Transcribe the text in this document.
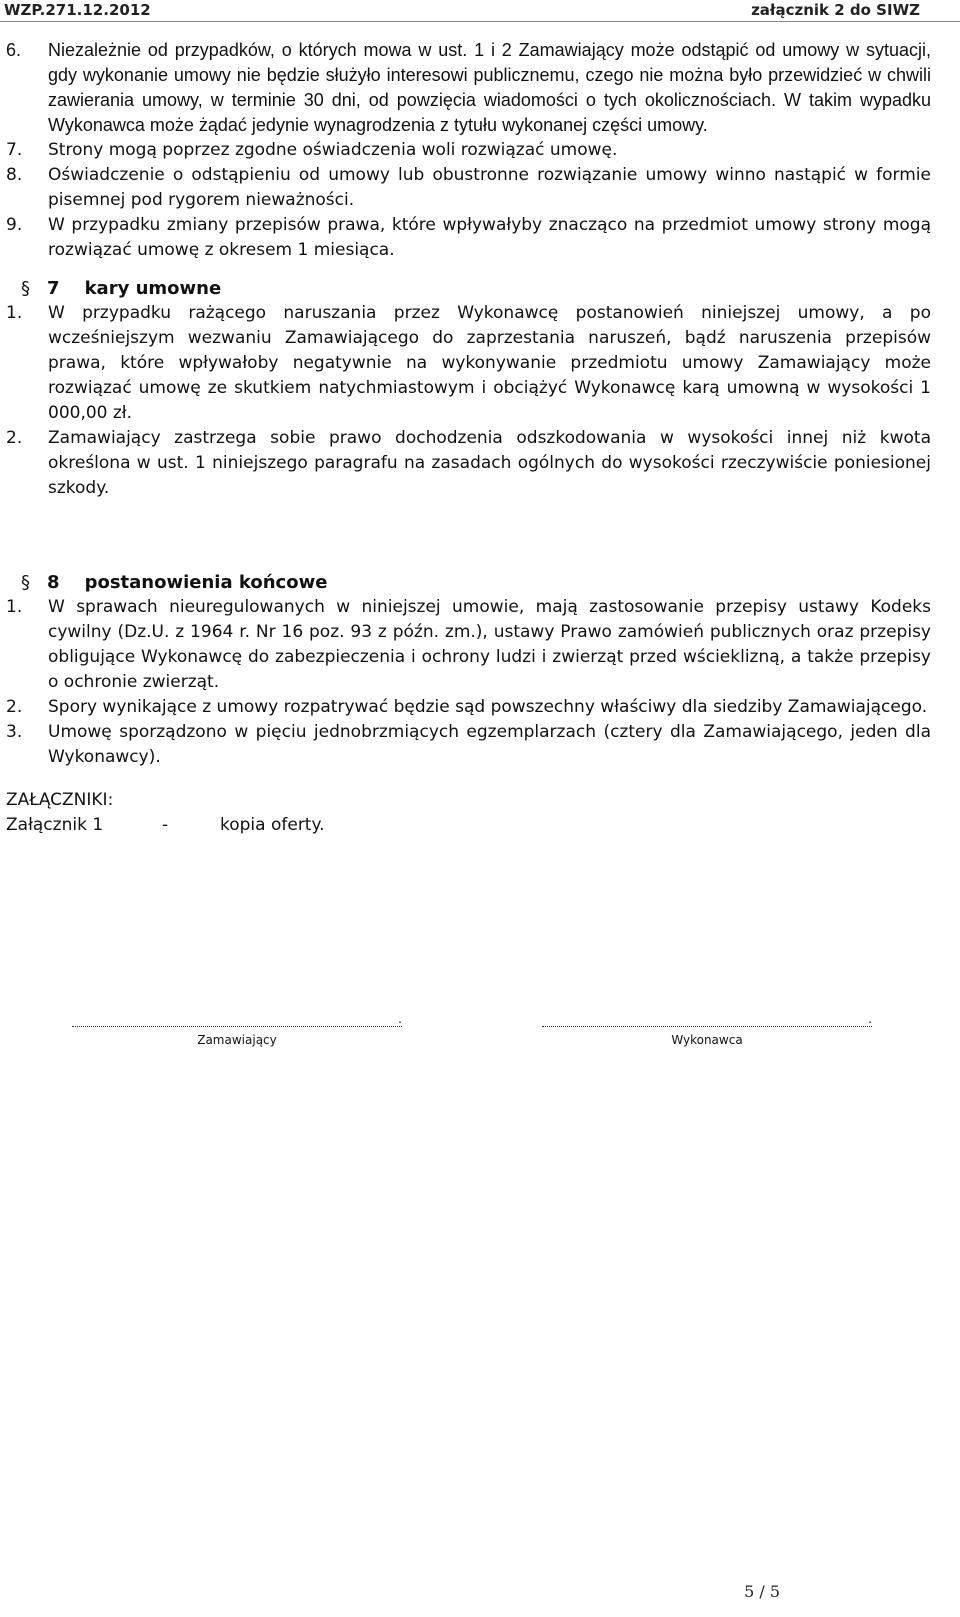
WZP.271.12.2012	załącznik 2 do SIWZ
6.	Niezależnie od przypadków, o których mowa w ust. 1 i 2 Zamawiający może odstąpić od umowy w sytuacji, gdy wykonanie umowy nie będzie służyło interesowi publicznemu, czego nie można było przewidzieć w chwili zawierania umowy, w terminie 30 dni, od powzięcia wiadomości o tych okolicznościach. W takim wypadku Wykonawca może żądać jedynie wynagrodzenia z tytułu wykonanej części umowy.
7.	Strony mogą poprzez zgodne oświadczenia woli rozwiązać umowę.
8.	Oświadczenie o odstąpieniu od umowy lub obustronne rozwiązanie umowy winno nastąpić w formie pisemnej pod rygorem nieważności.
9.	W przypadku zmiany przepisów prawa, które wpływałyby znacząco na przedmiot umowy strony mogą rozwiązać umowę z okresem 1 miesiąca.
§ 7    kary umowne
1.	W przypadku rażącego naruszania przez Wykonawcę postanowień niniejszej umowy, a po wcześniejszym wezwaniu Zamawiającego do zaprzestania naruszeń, bądź naruszenia przepisów prawa, które wpływałoby negatywnie na wykonywanie przedmiotu umowy Zamawiający może rozwiązać umowę ze skutkiem natychmiastowym i obciążyć Wykonawcę karą umowną w wysokości 1 000,00 zł.
2.	Zamawiający zastrzega sobie prawo dochodzenia odszkodowania w wysokości innej niż kwota określona w ust. 1 niniejszego paragrafu na zasadach ogólnych do wysokości rzeczywiście poniesionej szkody.
§ 8    postanowienia końcowe
1.	W sprawach nieuregulowanych w niniejszej umowie, mają zastosowanie przepisy ustawy Kodeks cywilny (Dz.U. z 1964 r. Nr 16 poz. 93 z późn. zm.), ustawy Prawo zamówień publicznych oraz przepisy obligujące Wykonawcę do zabezpieczenia i ochrony ludzi i zwierząt przed wścieklizną, a także przepisy o ochronie zwierząt.
2.	Spory wynikające z umowy rozpatrywać będzie sąd powszechny właściwy dla siedziby Zamawiającego.
3.	Umowę sporządzono w pięciu jednobrzmiących egzemplarzach (cztery dla Zamawiającego, jeden dla Wykonawcy).
ZAŁĄCZNIKI:
Załącznik 1	-	kopia oferty.
.
Zamawiający
.
Wykonawca
5 / 5
